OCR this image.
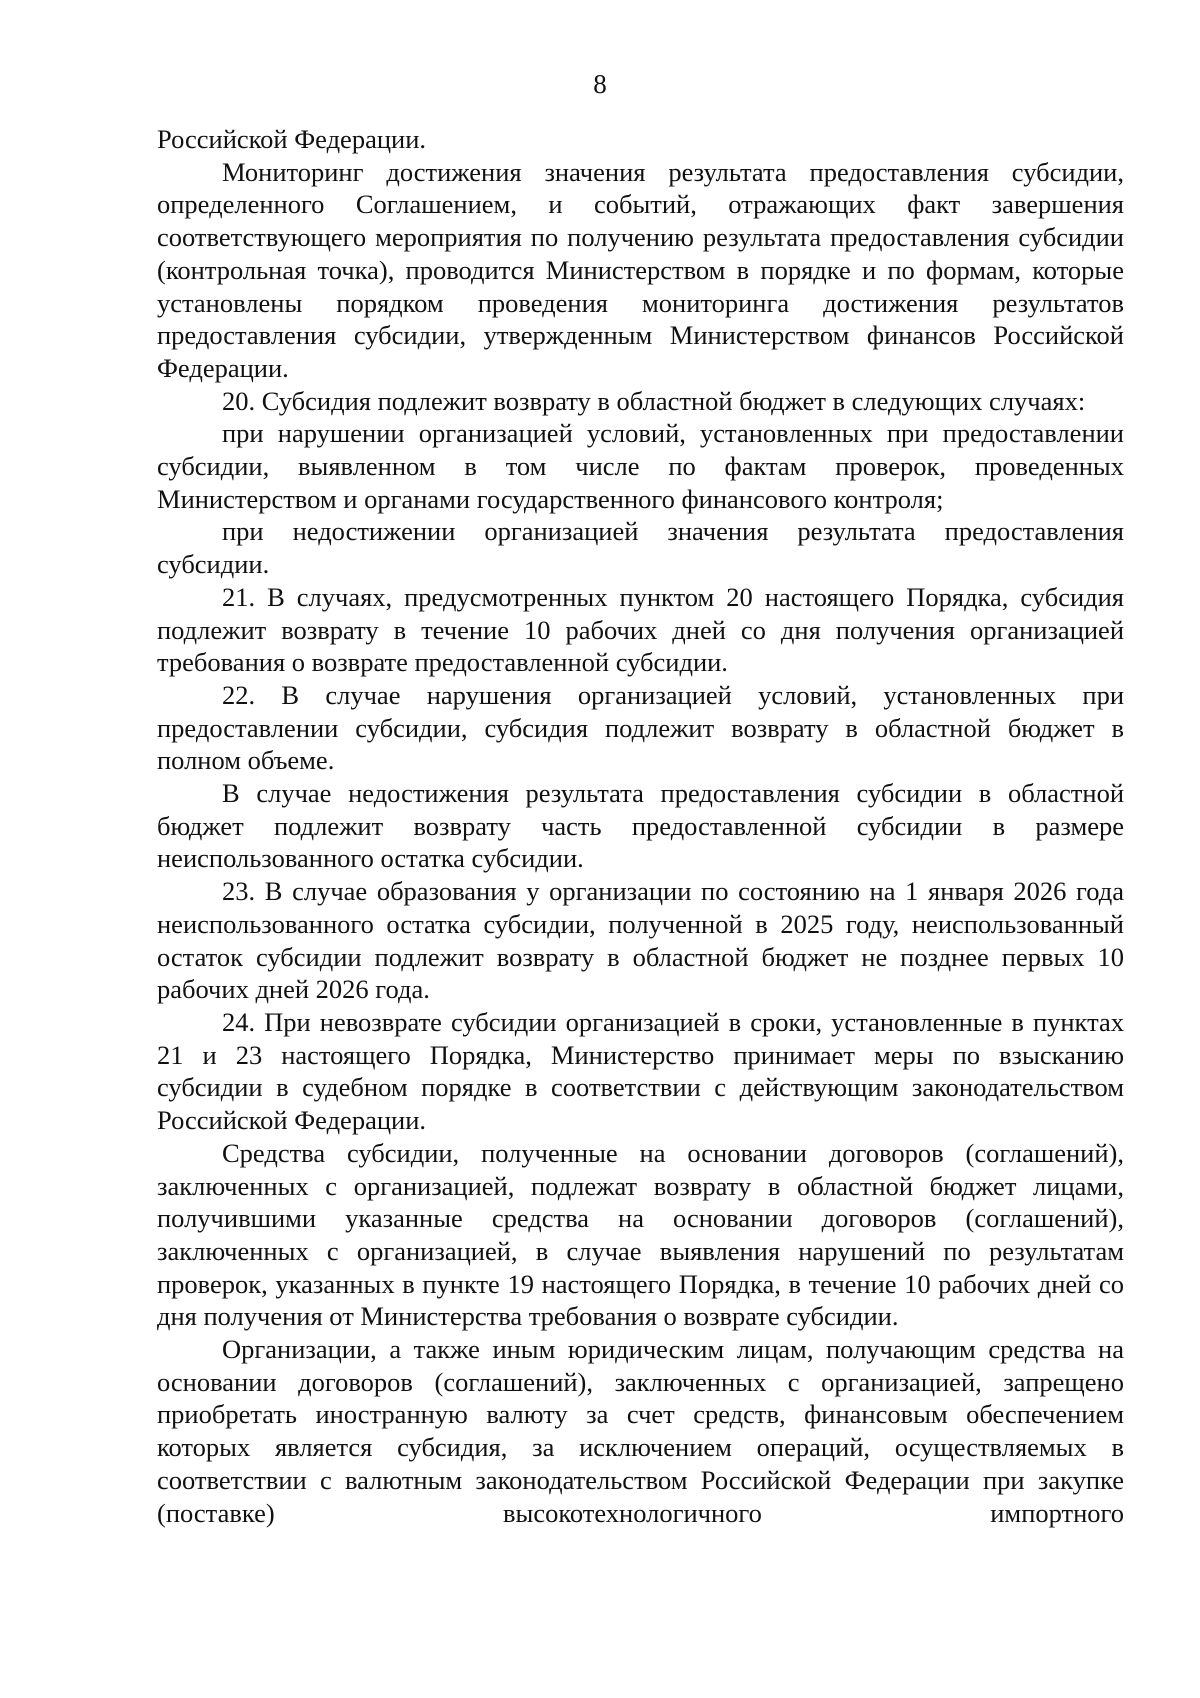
8

Российской Федерации.

Мониторинг достижения значения результата предоставления субсидии, определенного Соглашением, и событий, отражающих факт завершения соответствующего мероприятия по получению результата предоставления субсидии (контрольная точка), проводится Министерством в порядке и по формам, которые установлены порядком проведения мониторинга достижения результатов предоставления субсидии, утвержденным Министерством финансов Российской Федерации.

20. Субсидия подлежит возврату в областной бюджет в следующих случаях:

при нарушении организацией условий, установленных при предоставлении субсидии, выявленном в том числе по фактам проверок, проведенных Министерством и органами государственного финансового контроля;

при недостижении организацией значения результата предоставления субсидии.

21. В случаях, предусмотренных пунктом 20 настоящего Порядка, субсидия подлежит возврату в течение 10 рабочих дней со дня получения организацией требования о возврате предоставленной субсидии.

22. В случае нарушения организацией условий, установленных при предоставлении субсидии, субсидия подлежит возврату в областной бюджет в полном объеме.

В случае недостижения результата предоставления субсидии в областной бюджет подлежит возврату часть предоставленной субсидии в размере неиспользованного остатка субсидии.

23. В случае образования у организации по состоянию на 1 января 2026 года неиспользованного остатка субсидии, полученной в 2025 году, неиспользованный остаток субсидии подлежит возврату в областной бюджет не позднее первых 10 рабочих дней 2026 года.

24. При невозврате субсидии организацией в сроки, установленные в пунктах 21 и 23 настоящего Порядка, Министерство принимает меры по взысканию субсидии в судебном порядке в соответствии с действующим законодательством Российской Федерации.

Средства субсидии, полученные на основании договоров (соглашений), заключенных с организацией, подлежат возврату в областной бюджет лицами, получившими указанные средства на основании договоров (соглашений), заключенных с организацией, в случае выявления нарушений по результатам проверок, указанных в пункте 19 настоящего Порядка, в течение 10 рабочих дней со дня получения от Министерства требования о возврате субсидии.

Организации, а также иным юридическим лицам, получающим средства на основании договоров (соглашений), заключенных с организацией, запрещено приобретать иностранную валюту за счет средств, финансовым обеспечением которых является субсидия, за исключением операций, осуществляемых в соответствии с валютным законодательством Российской Федерации при закупке (поставке) высокотехнологичного импортного
